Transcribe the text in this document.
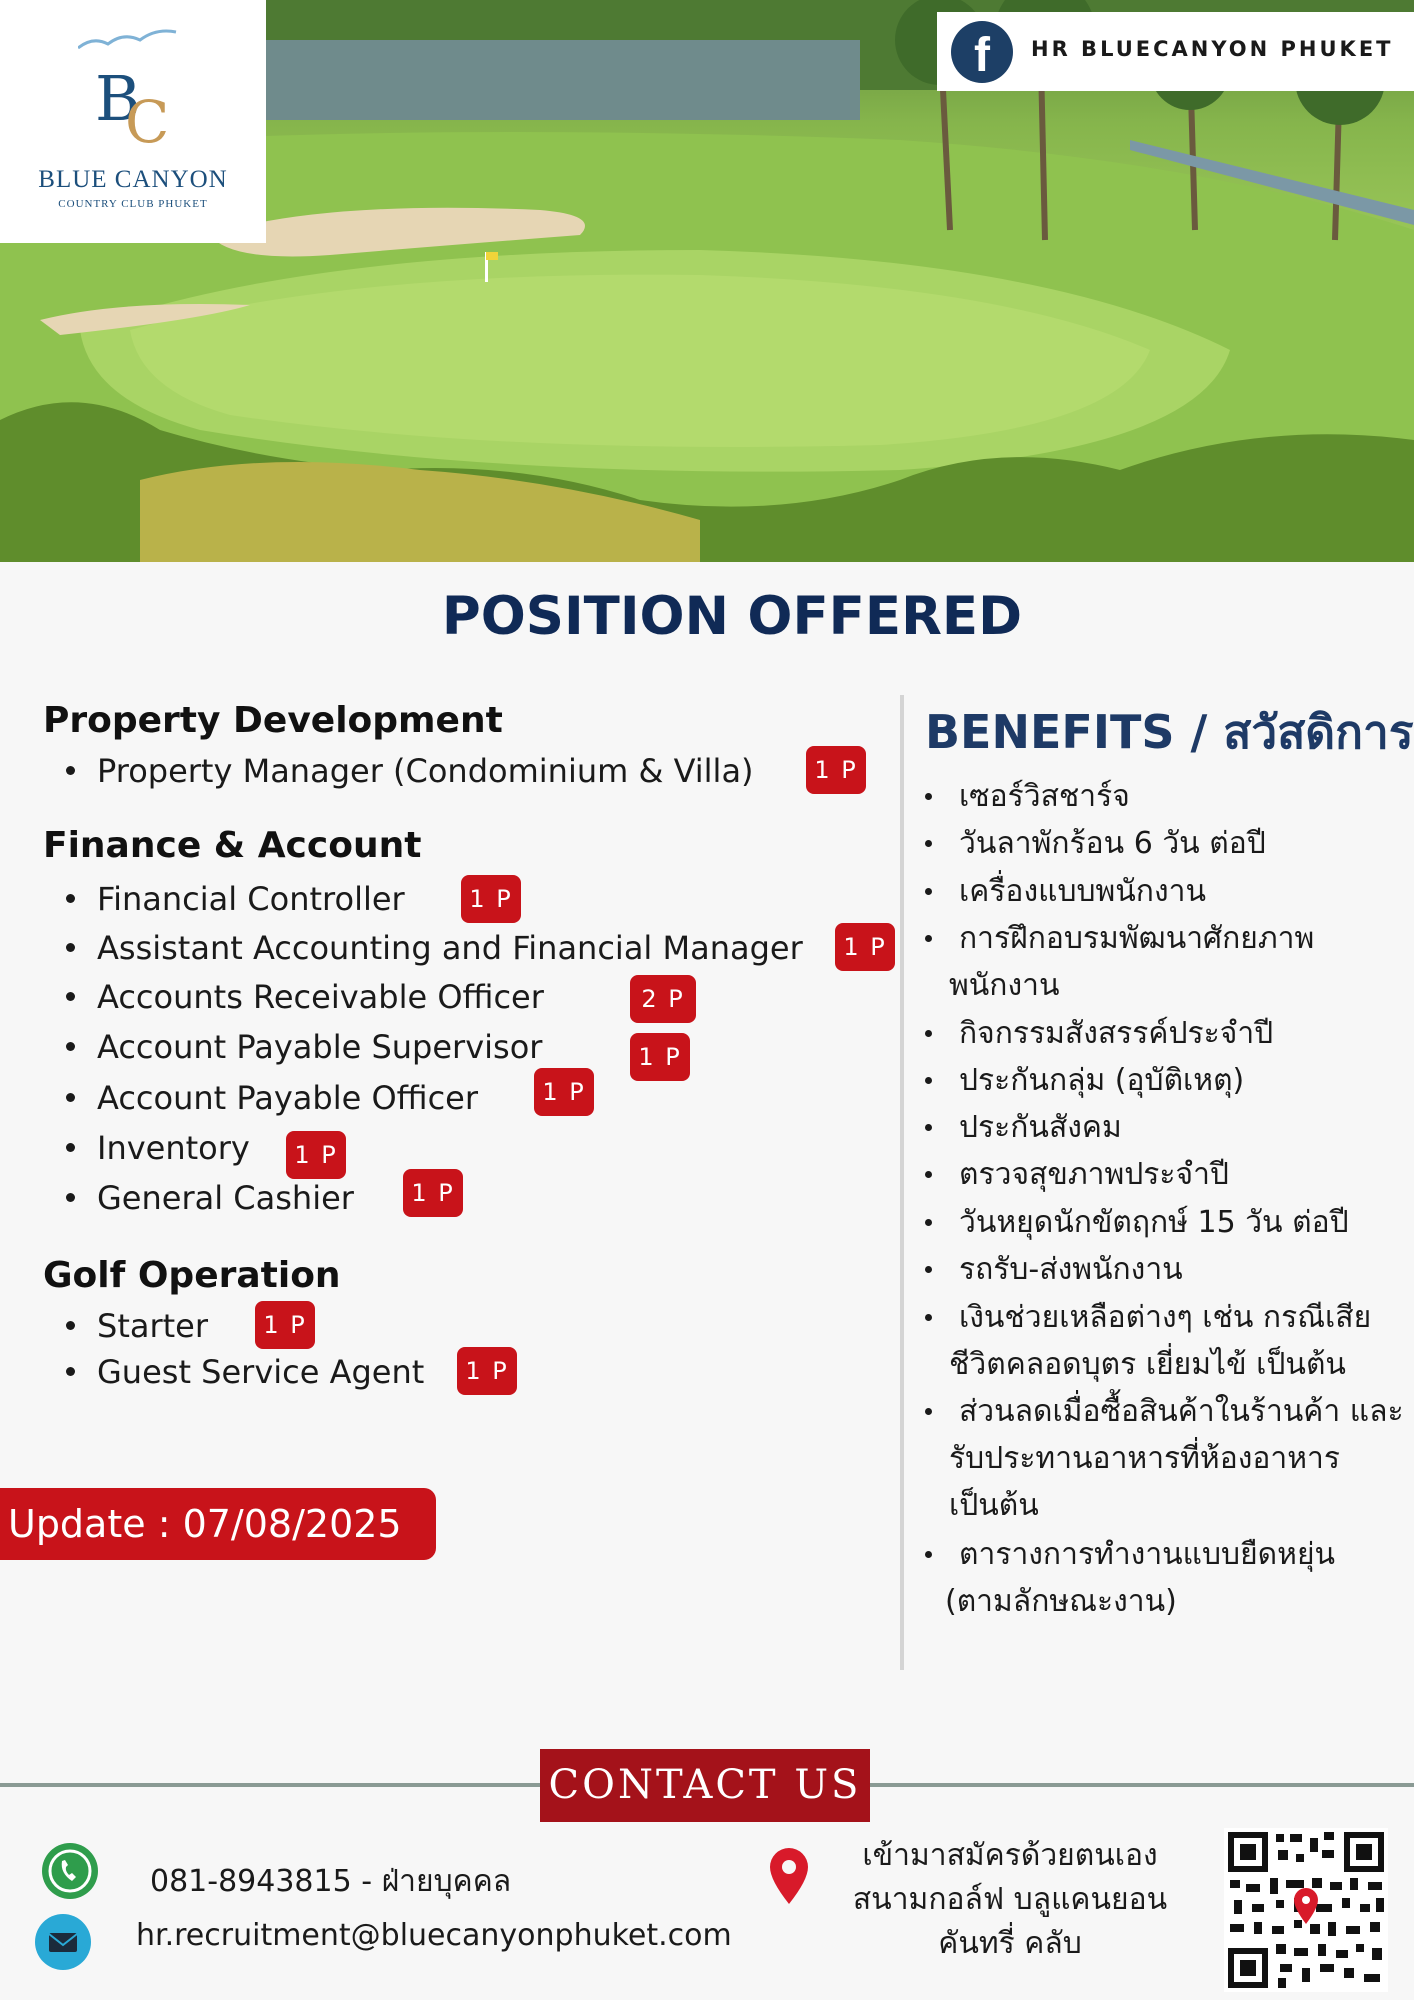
B
C
BLUE CANYON
COUNTRY CLUB PHUKET
f	HR BLUECANYON PHUKET
POSITION OFFERED
Property Development
Property Manager (Condominium & Villa)	1 P
Finance & Account
Financial Controller	1 P
Assistant Accounting and Financial Manager	1 P
Accounts Receivable Officer	2 P
Account Payable Supervisor	1 P
Account Payable Officer	1 P
Inventory	1 P
General Cashier	1 P
Golf Operation
Starter	1 P
Guest Service Agent	1 P
BENEFITS / สวัสดิการ
เซอร์วิสชาร์จ
วันลาพักร้อน 6 วัน ต่อปี
เครื่องแบบพนักงาน
การฝึกอบรมพัฒนาศักยภาพ
พนักงาน
กิจกรรมสังสรรค์ประจำปี
ประกันกลุ่ม (อุบัติเหตุ)
ประกันสังคม
ตรวจสุขภาพประจำปี
วันหยุดนักขัตฤกษ์ 15 วัน ต่อปี
รถรับ-ส่งพนักงาน
เงินช่วยเหลือต่างๆ เช่น กรณีเสีย
ชีวิตคลอดบุตร เยี่ยมไข้ เป็นต้น
ส่วนลดเมื่อซื้อสินค้าในร้านค้า และ
รับประทานอาหารที่ห้องอาหาร
เป็นต้น
ตารางการทำงานแบบยืดหยุ่น
(ตามลักษณะงาน)
Update : 07/08/2025
CONTACT US
081-8943815 - ฝ่ายบุคคล
hr.recruitment@bluecanyonphuket.com
เข้ามาสมัครด้วยตนเอง
สนามกอล์ฟ บลูแคนยอน
คันทรี่ คลับ
